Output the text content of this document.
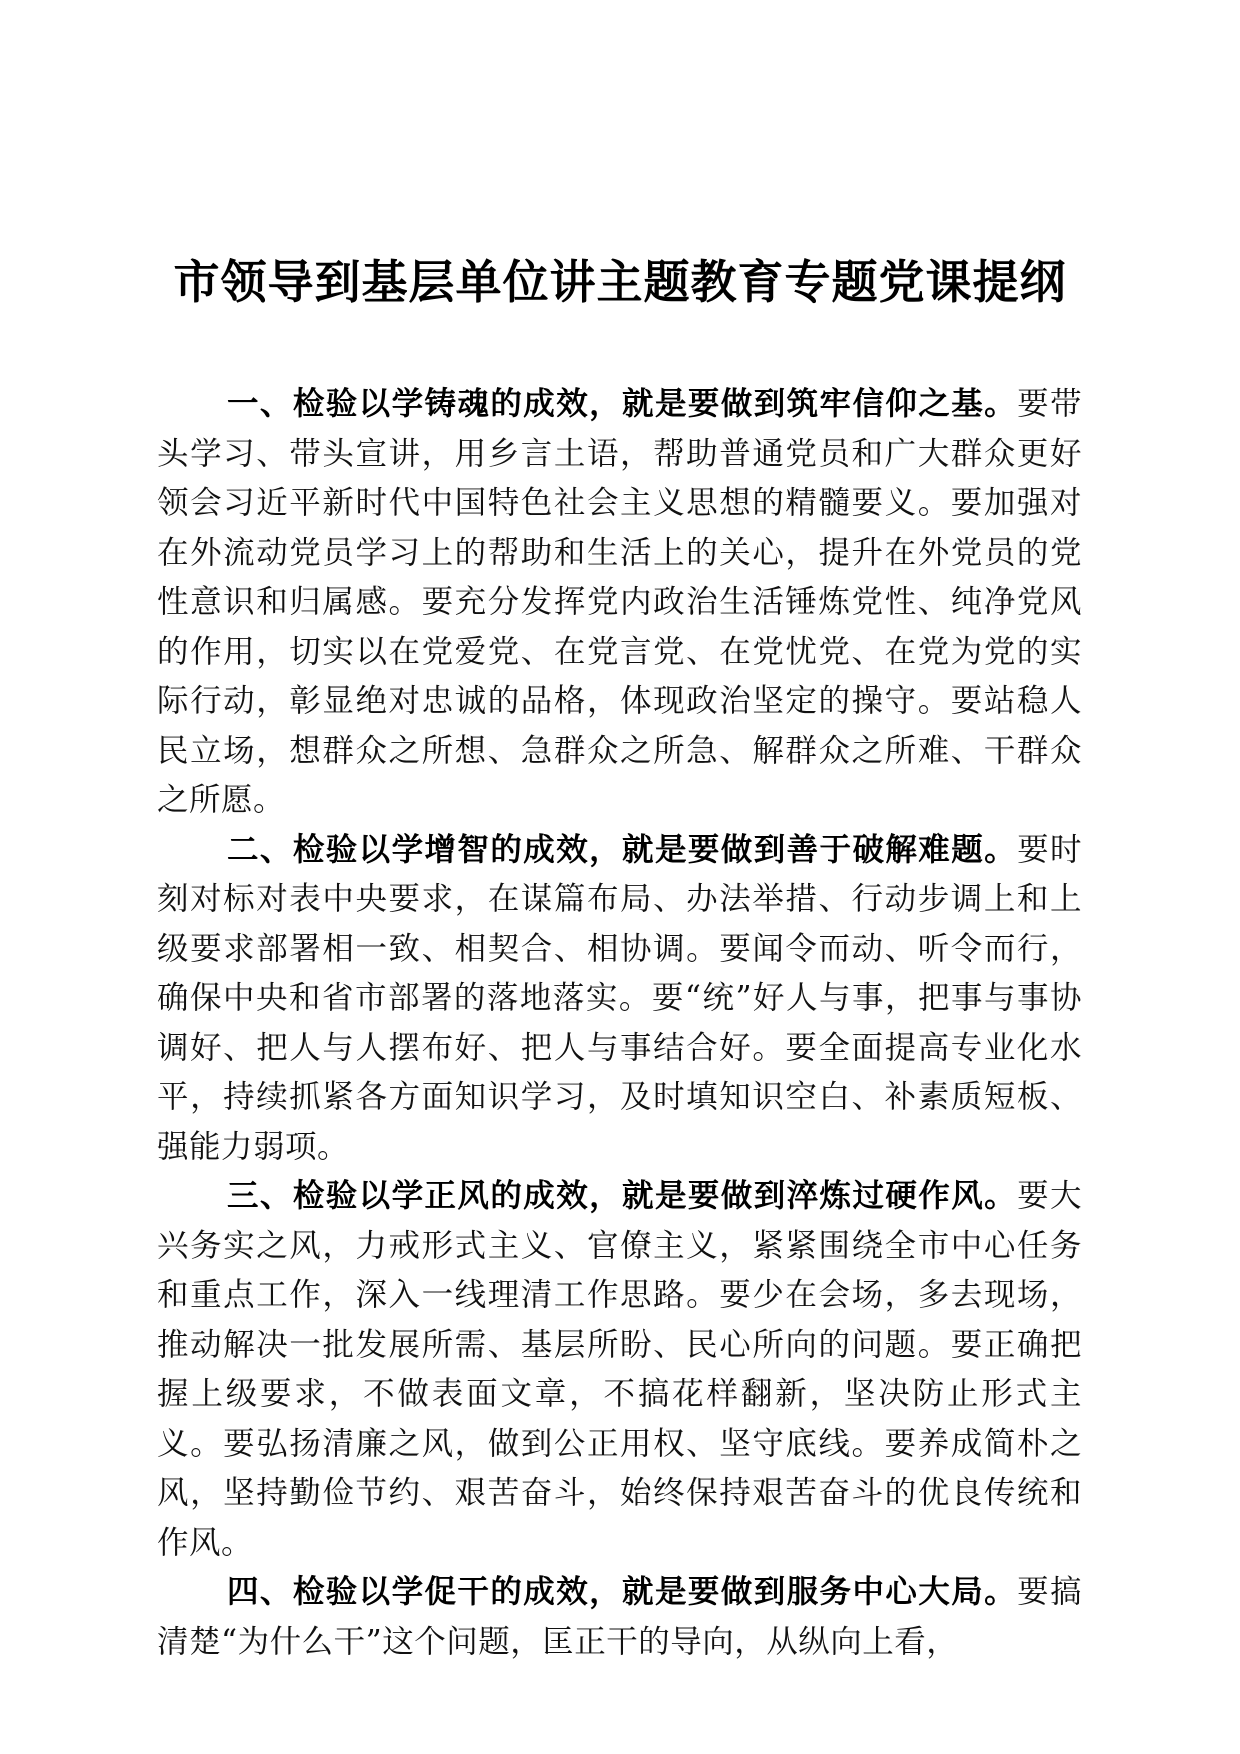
市领导到基层单位讲主题教育专题党课提纲

一、检验以学铸魂的成效，就是要做到筑牢信仰之基。要带头学习、带头宣讲，用乡言土语，帮助普通党员和广大群众更好领会习近平新时代中国特色社会主义思想的精髓要义。要加强对在外流动党员学习上的帮助和生活上的关心，提升在外党员的党性意识和归属感。要充分发挥党内政治生活锤炼党性、纯净党风的作用，切实以在党爱党、在党言党、在党忧党、在党为党的实际行动，彰显绝对忠诚的品格，体现政治坚定的操守。要站稳人民立场，想群众之所想、急群众之所急、解群众之所难、干群众之所愿。

二、检验以学增智的成效，就是要做到善于破解难题。要时刻对标对表中央要求，在谋篇布局、办法举措、行动步调上和上级要求部署相一致、相契合、相协调。要闻令而动、听令而行，确保中央和省市部署的落地落实。要“统”好人与事，把事与事协调好、把人与人摆布好、把人与事结合好。要全面提高专业化水平，持续抓紧各方面知识学习，及时填知识空白、补素质短板、强能力弱项。

三、检验以学正风的成效，就是要做到淬炼过硬作风。要大兴务实之风，力戒形式主义、官僚主义，紧紧围绕全市中心任务和重点工作，深入一线理清工作思路。要少在会场，多去现场，推动解决一批发展所需、基层所盼、民心所向的问题。要正确把握上级要求，不做表面文章，不搞花样翻新，坚决防止形式主义。要弘扬清廉之风，做到公正用权、坚守底线。要养成简朴之风，坚持勤俭节约、艰苦奋斗，始终保持艰苦奋斗的优良传统和作风。

四、检验以学促干的成效，就是要做到服务中心大局。要搞清楚“为什么干”这个问题，匡正干的导向，从纵向上看，
